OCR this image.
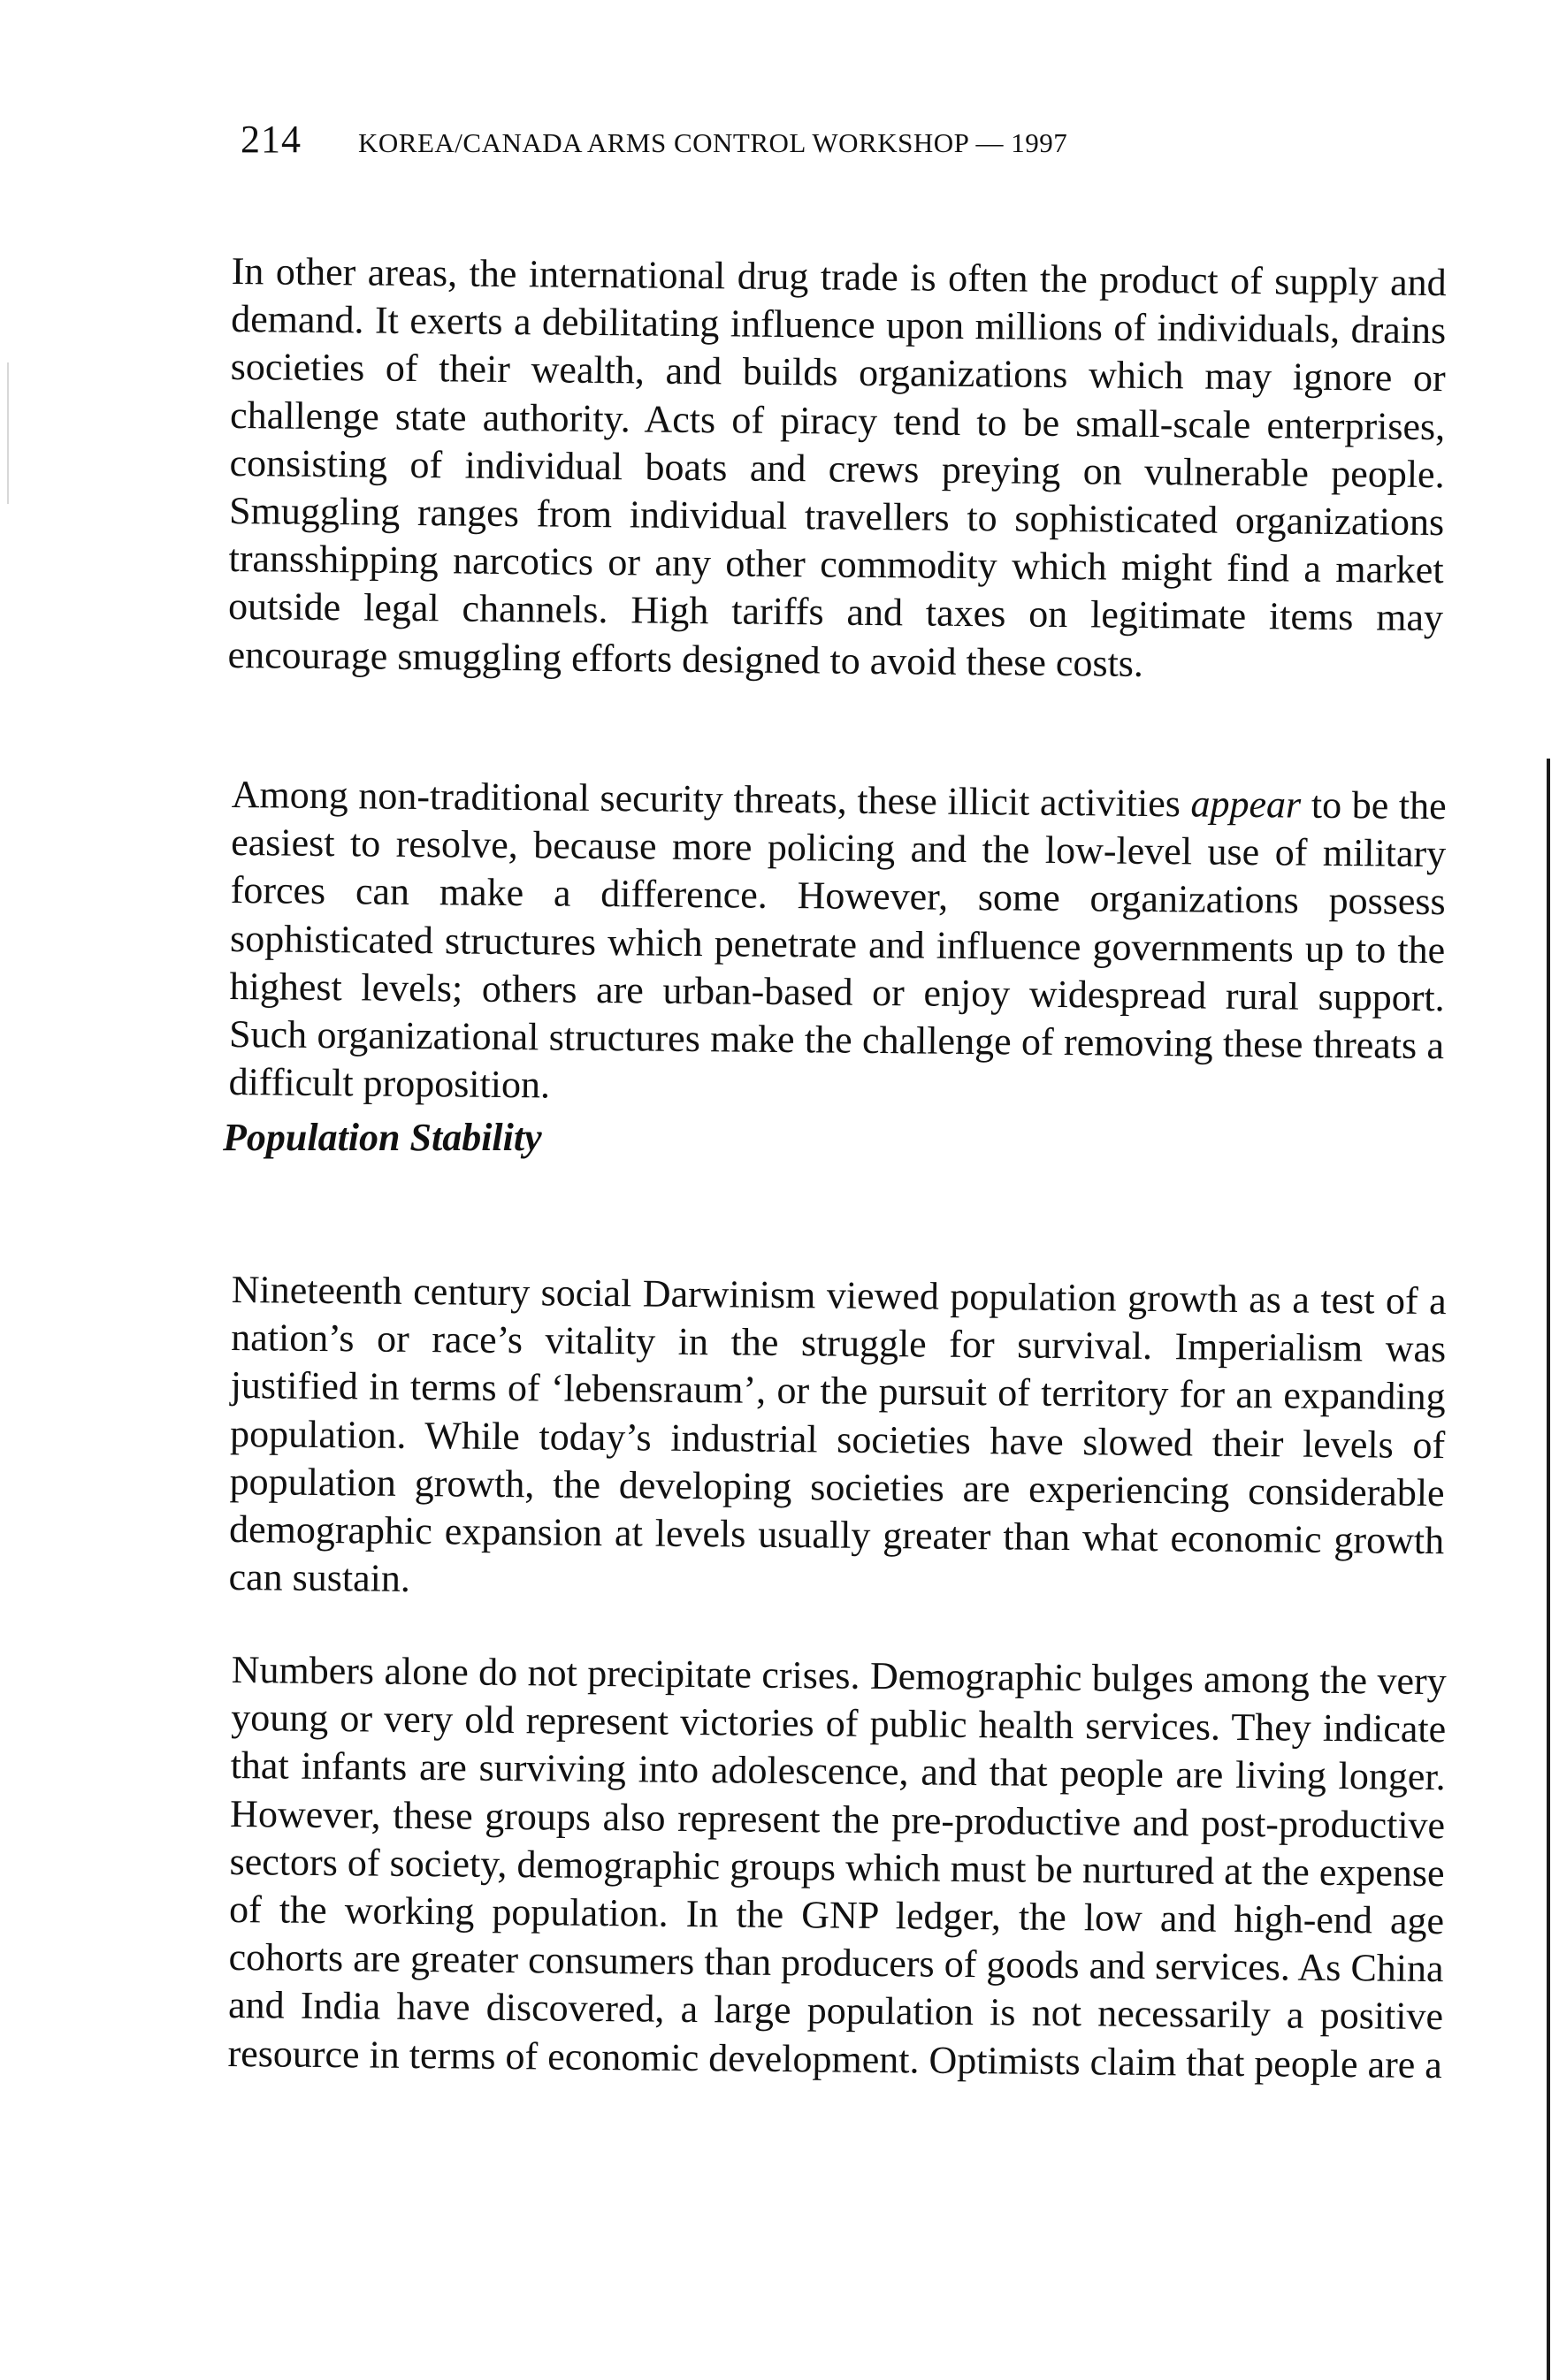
214 KOREA/CANADA ARMS CONTROL WORKSHOP — 1997

In other areas, the international drug trade is often the product of supply and demand. It exerts a debilitating influence upon millions of individuals, drains societies of their wealth, and builds organizations which may ignore or challenge state authority. Acts of piracy tend to be small-scale enterprises, consisting of individual boats and crews preying on vulnerable people. Smuggling ranges from individual travellers to sophisticated organizations transshipping narcotics or any other commodity which might find a market outside legal channels. High tariffs and taxes on legitimate items may encourage smuggling efforts designed to avoid these costs.

Among non-traditional security threats, these illicit activities appear to be the easiest to resolve, because more policing and the low-level use of military forces can make a difference. However, some organizations possess sophisticated structures which penetrate and influence governments up to the highest levels; others are urban-based or enjoy widespread rural support. Such organizational structures make the challenge of removing these threats a difficult proposition.

Population Stability

Nineteenth century social Darwinism viewed population growth as a test of a nation’s or race’s vitality in the struggle for survival. Imperialism was justified in terms of ‘lebensraum’, or the pursuit of territory for an expanding population. While today’s industrial societies have slowed their levels of population growth, the developing societies are experiencing considerable demographic expansion at levels usually greater than what economic growth can sustain.

Numbers alone do not precipitate crises. Demographic bulges among the very young or very old represent victories of public health services. They indicate that infants are surviving into adolescence, and that people are living longer. However, these groups also represent the pre-productive and post-productive sectors of society, demographic groups which must be nurtured at the expense of the working population. In the GNP ledger, the low and high-end age cohorts are greater consumers than producers of goods and services. As China and India have discovered, a large population is not necessarily a positive resource in terms of economic development. Optimists claim that people are a
